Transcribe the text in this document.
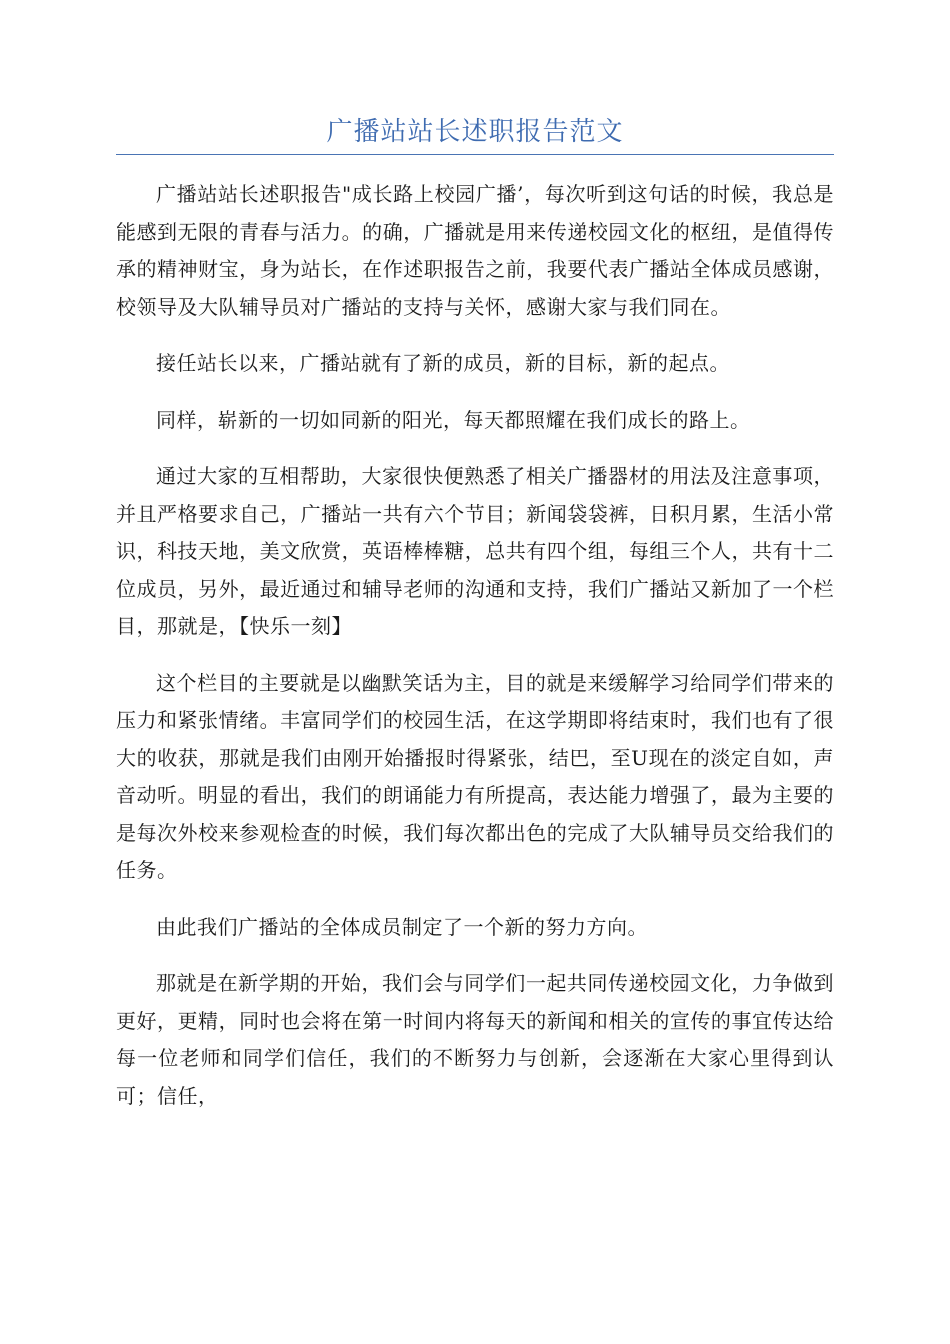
广播站站长述职报告范文

广播站站长述职报告"成长路上校园广播’，每次听到这句话的时候，我总是能感到无限的青春与活力。的确，广播就是用来传递校园文化的枢纽，是值得传承的精神财宝，身为站长，在作述职报告之前，我要代表广播站全体成员感谢，校领导及大队辅导员对广播站的支持与关怀，感谢大家与我们同在。

接任站长以来，广播站就有了新的成员，新的目标，新的起点。

同样，崭新的一切如同新的阳光，每天都照耀在我们成长的路上。

通过大家的互相帮助，大家很快便熟悉了相关广播器材的用法及注意事项，并且严格要求自己，广播站一共有六个节目；新闻袋袋裤，日积月累，生活小常识，科技天地，美文欣赏，英语棒棒糖，总共有四个组，每组三个人，共有十二位成员，另外，最近通过和辅导老师的沟通和支持，我们广播站又新加了一个栏目，那就是，【快乐一刻】

这个栏目的主要就是以幽默笑话为主，目的就是来缓解学习给同学们带来的压力和紧张情绪。丰富同学们的校园生活，在这学期即将结束时，我们也有了很大的收获，那就是我们由刚开始播报时得紧张，结巴，至U现在的淡定自如，声音动听。明显的看出，我们的朗诵能力有所提高，表达能力增强了，最为主要的是每次外校来参观检查的时候，我们每次都出色的完成了大队辅导员交给我们的任务。

由此我们广播站的全体成员制定了一个新的努力方向。

那就是在新学期的开始，我们会与同学们一起共同传递校园文化，力争做到更好，更精，同时也会将在第一时间内将每天的新闻和相关的宣传的事宜传达给每一位老师和同学们信任，我们的不断努力与创新，会逐渐在大家心里得到认可；信任，
